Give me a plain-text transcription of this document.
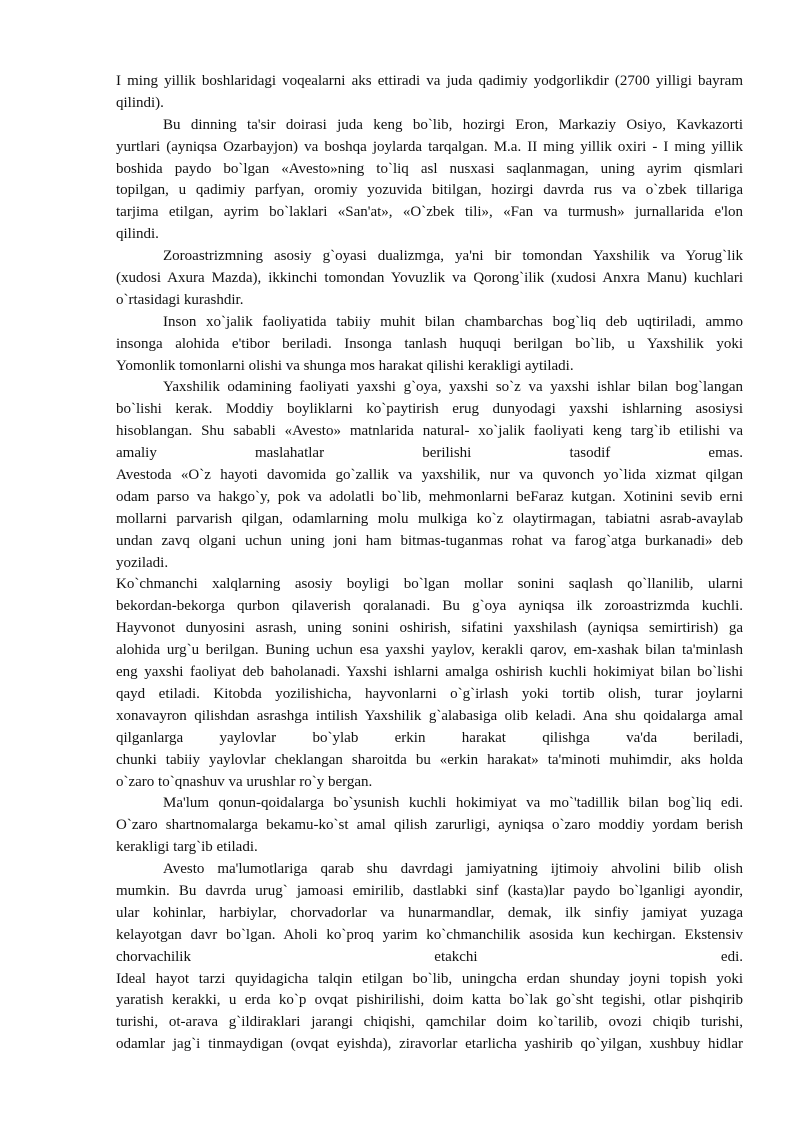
I ming yillik boshlaridagi voqealarni aks ettiradi va juda qadimiy yodgorlikdir (2700 yilligi bayram
qilindi).
Bu dinning ta'sir doirasi juda keng bo`lib, hozirgi Eron, Markaziy Osiyo, Kavkazorti
yurtlari (ayniqsa Ozarbayjon) va boshqa joylarda tarqalgan. M.a. II ming yillik oxiri - I ming yillik
boshida paydo bo`lgan «Avesto»ning to`liq asl nusxasi saqlanmagan, uning ayrim qismlari
topilgan, u qadimiy parfyan, oromiy yozuvida bitilgan, hozirgi davrda rus va o`zbek tillariga
tarjima etilgan, ayrim bo`laklari «San'at», «O`zbek tili», «Fan va turmush» jurnallarida e'lon
qilindi.
Zoroastrizmning asosiy g`oyasi dualizmga, ya'ni bir tomondan Yaxshilik va Yorug`lik
(xudosi Axura Mazda), ikkinchi tomondan Yovuzlik va Qorong`ilik (xudosi Anxra Manu) kuchlari
o`rtasidagi kurashdir.
Inson xo`jalik faoliyatida tabiiy muhit bilan chambarchas bog`liq deb uqtiriladi, ammo
insonga alohida e'tibor beriladi. Insonga tanlash huquqi berilgan bo`lib, u Yaxshilik yoki
Yomonlik tomonlarni olishi va shunga mos harakat qilishi kerakligi aytiladi.
Yaxshilik odamining faoliyati yaxshi g`oya, yaxshi so`z va yaxshi ishlar bilan bog`langan
bo`lishi kerak. Moddiy boyliklarni ko`paytirish erug dunyodagi yaxshi ishlarning asosiysi
hisoblangan. Shu sababli «Avesto» matnlarida natural- xo`jalik faoliyati keng targ`ib etilishi va
amaliy maslahatlar berilishi tasodif emas.
Avestoda «O`z hayoti davomida go`zallik va yaxshilik, nur va quvonch yo`lida xizmat qilgan
odam parso va hakgo`y, pok va adolatli bo`lib, mehmonlarni beFaraz kutgan. Xotinini sevib erni
mollarni parvarish qilgan, odamlarning molu mulkiga ko`z olaytirmagan, tabiatni asrab-avaylab
undan zavq olgani uchun uning joni ham bitmas-tuganmas rohat va farog`atga burkanadi» deb
yoziladi.
Ko`chmanchi xalqlarning asosiy boyligi bo`lgan mollar sonini saqlash qo`llanilib, ularni
bekordan-bekorga qurbon qilaverish qoralanadi. Bu g`oya ayniqsa ilk zoroastrizmda kuchli.
Hayvonot dunyosini asrash, uning sonini oshirish, sifatini yaxshilash (ayniqsa semirtirish) ga
alohida urg`u berilgan. Buning uchun esa yaxshi yaylov, kerakli qarov, em-xashak bilan ta'minlash
eng yaxshi faoliyat deb baholanadi. Yaxshi ishlarni amalga oshirish kuchli hokimiyat bilan bo`lishi
qayd etiladi. Kitobda yozilishicha, hayvonlarni o`g`irlash yoki tortib olish, turar joylarni
xonavayron qilishdan asrashga intilish Yaxshilik g`alabasiga olib keladi. Ana shu qoidalarga amal
qilganlarga yaylovlar bo`ylab erkin harakat qilishga va'da beriladi,
chunki tabiiy yaylovlar cheklangan sharoitda bu «erkin harakat» ta'minoti muhimdir, aks holda
o`zaro to`qnashuv va urushlar ro`y bergan.
Ma'lum qonun-qoidalarga bo`ysunish kuchli hokimiyat va mo`'tadillik bilan bog`liq edi.
O`zaro shartnomalarga bekamu-ko`st amal qilish zarurligi, ayniqsa o`zaro moddiy yordam berish
kerakligi targ`ib etiladi.
Avesto ma'lumotlariga qarab shu davrdagi jamiyatning ijtimoiy ahvolini bilib olish
mumkin. Bu davrda urug` jamoasi emirilib, dastlabki sinf (kasta)lar paydo bo`lganligi ayondir,
ular kohinlar, harbiylar, chorvadorlar va hunarmandlar, demak, ilk sinfiy jamiyat yuzaga
kelayotgan davr bo`lgan. Aholi ko`proq yarim ko`chmanchilik asosida kun kechirgan. Ekstensiv
chorvachilik etakchi edi.
Ideal hayot tarzi quyidagicha talqin etilgan bo`lib, uningcha erdan shunday joyni topish yoki
yaratish kerakki, u erda ko`p ovqat pishirilishi, doim katta bo`lak go`sht tegishi, otlar pishqirib
turishi, ot-arava g`ildiraklari jarangi chiqishi, qamchilar doim ko`tarilib, ovozi chiqib turishi,
odamlar jag`i tinmaydigan (ovqat eyishda), ziravorlar etarlicha yashirib qo`yilgan, xushbuy hidlar
